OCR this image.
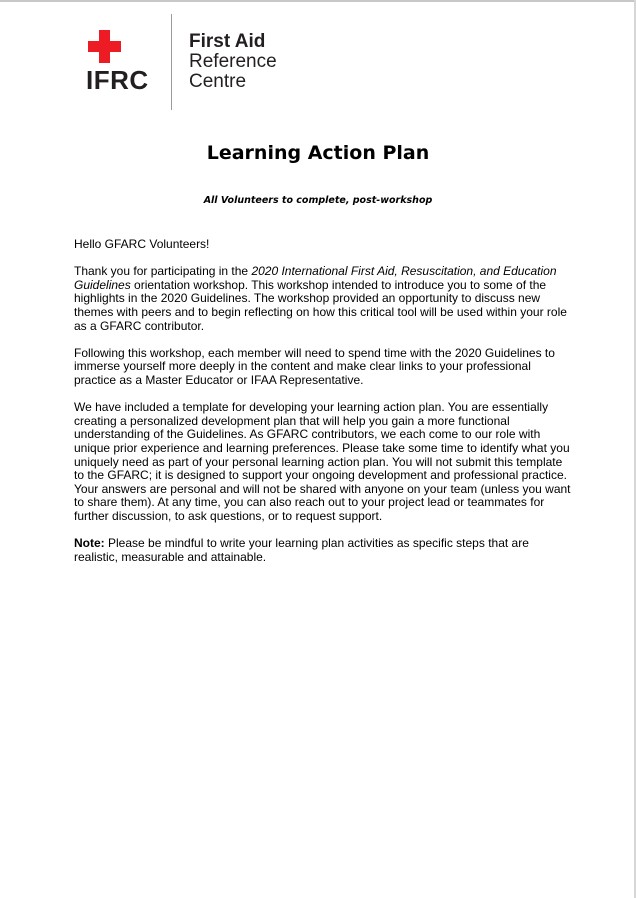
IFRC
First Aid
Reference
Centre
Learning Action Plan
All Volunteers to complete, post-workshop

Hello GFARC Volunteers!

Thank you for participating in the 2020 International First Aid, Resuscitation, and Education Guidelines orientation workshop. This workshop intended to introduce you to some of the highlights in the 2020 Guidelines. The workshop provided an opportunity to discuss new themes with peers and to begin reflecting on how this critical tool will be used within your role as a GFARC contributor.

Following this workshop, each member will need to spend time with the 2020 Guidelines to immerse yourself more deeply in the content and make clear links to your professional practice as a Master Educator or IFAA Representative.

We have included a template for developing your learning action plan. You are essentially creating a personalized development plan that will help you gain a more functional understanding of the Guidelines. As GFARC contributors, we each come to our role with unique prior experience and learning preferences. Please take some time to identify what you uniquely need as part of your personal learning action plan. You will not submit this template to the GFARC; it is designed to support your ongoing development and professional practice. Your answers are personal and will not be shared with anyone on your team (unless you want to share them). At any time, you can also reach out to your project lead or teammates for further discussion, to ask questions, or to request support.

Note: Please be mindful to write your learning plan activities as specific steps that are realistic, measurable and attainable.
